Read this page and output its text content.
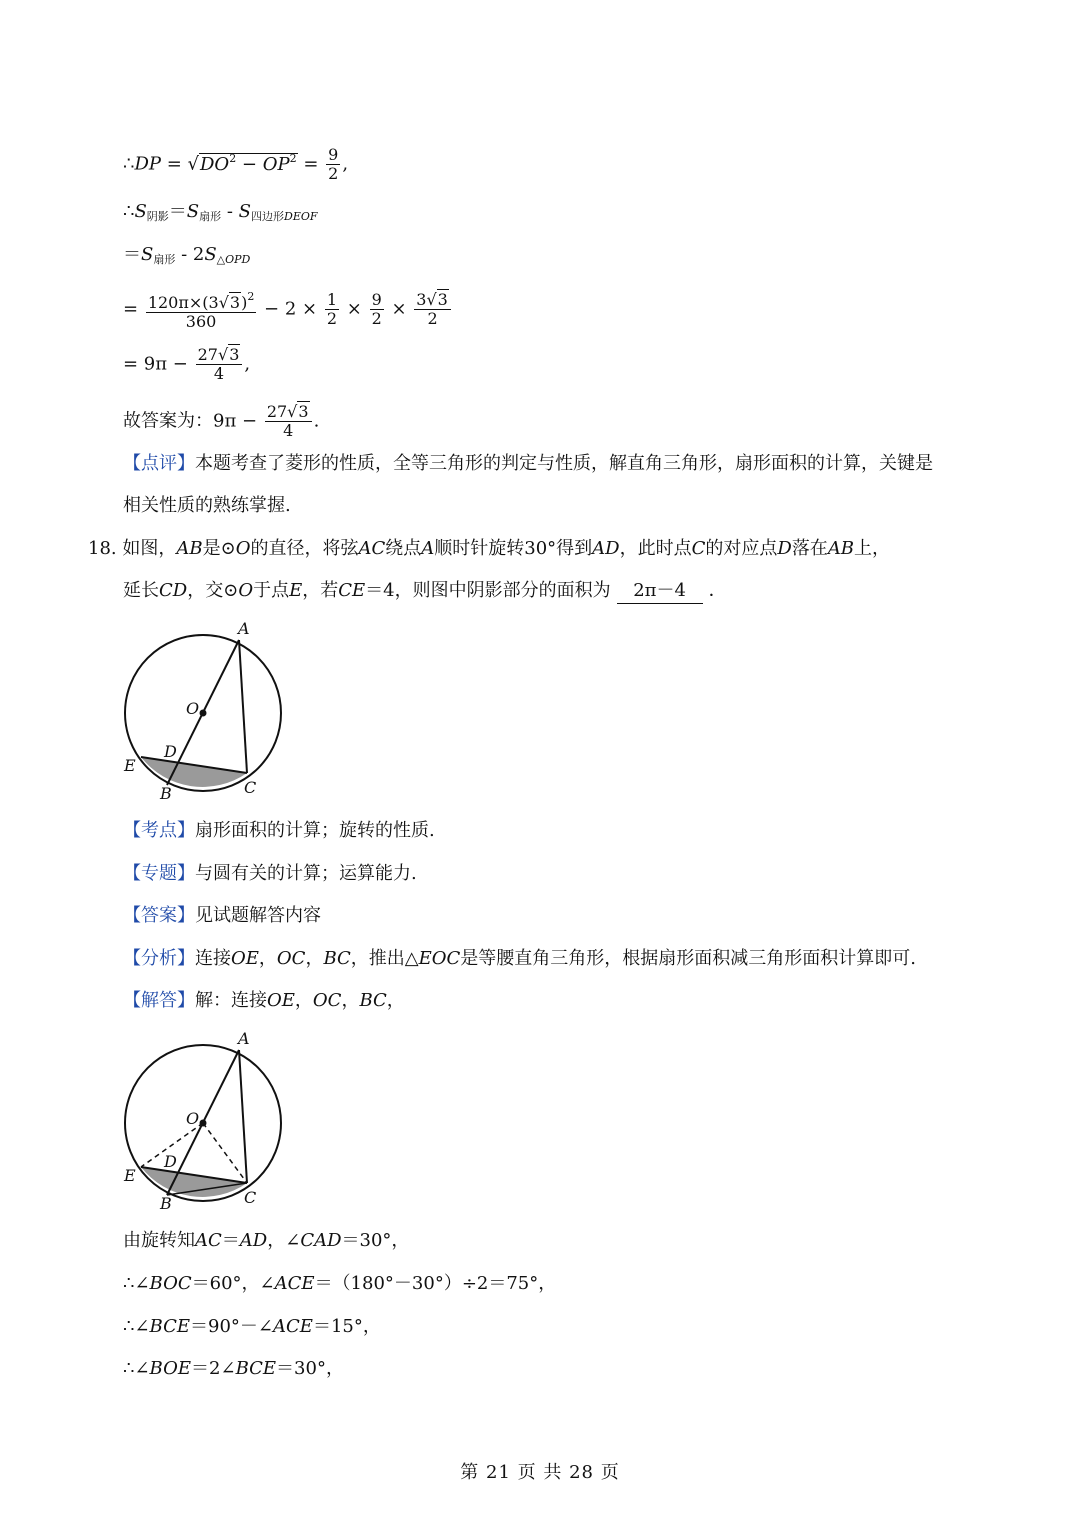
∴DP = $√DO^2 - OP^2 = \frac{9}{2}$ ,
$\therefore S_{阴影}=S_{扇形} - S_{四边形DEOF}$
$=S_{扇形} - 2S_{\triangle OPD}$
= $\frac{120\pi\times(3√3)^2}{360} - 2 \times \frac{1}{2} \times \frac{9}{2} \times \frac{3√3}{2}$
= $9\pi - \frac{27√3}{4}$ ,
故答案为：$9\pi - \frac{27√3}{4}$ .
【点评】本题考查了菱形的性质，全等三角形的判定与性质，解直角三角形，扇形面积的计算，关键是
相关性质的熟练掌握.
18. 如图，AB是⊙O的直径，将弦AC绕点A顺时针旋转30°得到AD，此时点C的对应点D落在AB上，
延长CD，交⊙O于点E，若CE＝4，则图中阴影部分的面积为 2π－4 ．
A
O
D
E
B	C
【考点】扇形面积的计算；旋转的性质.
【专题】与圆有关的计算；运算能力.
【答案】见试题解答内容
【分析】连接OE，OC，BC，推出△EOC是等腰直角三角形，根据扇形面积减三角形面积计算即可.
【解答】解：连接OE，OC，BC，
A
O
D
E
B	C
由旋转知AC＝AD，∠CAD＝30°，
∴∠BOC＝60°，∠ACE＝（180°－30°）÷2＝75°，
∴∠BCE＝90°－∠ACE＝15°，
∴∠BOE＝2∠BCE＝30°，
第 21 页 共 28 页
